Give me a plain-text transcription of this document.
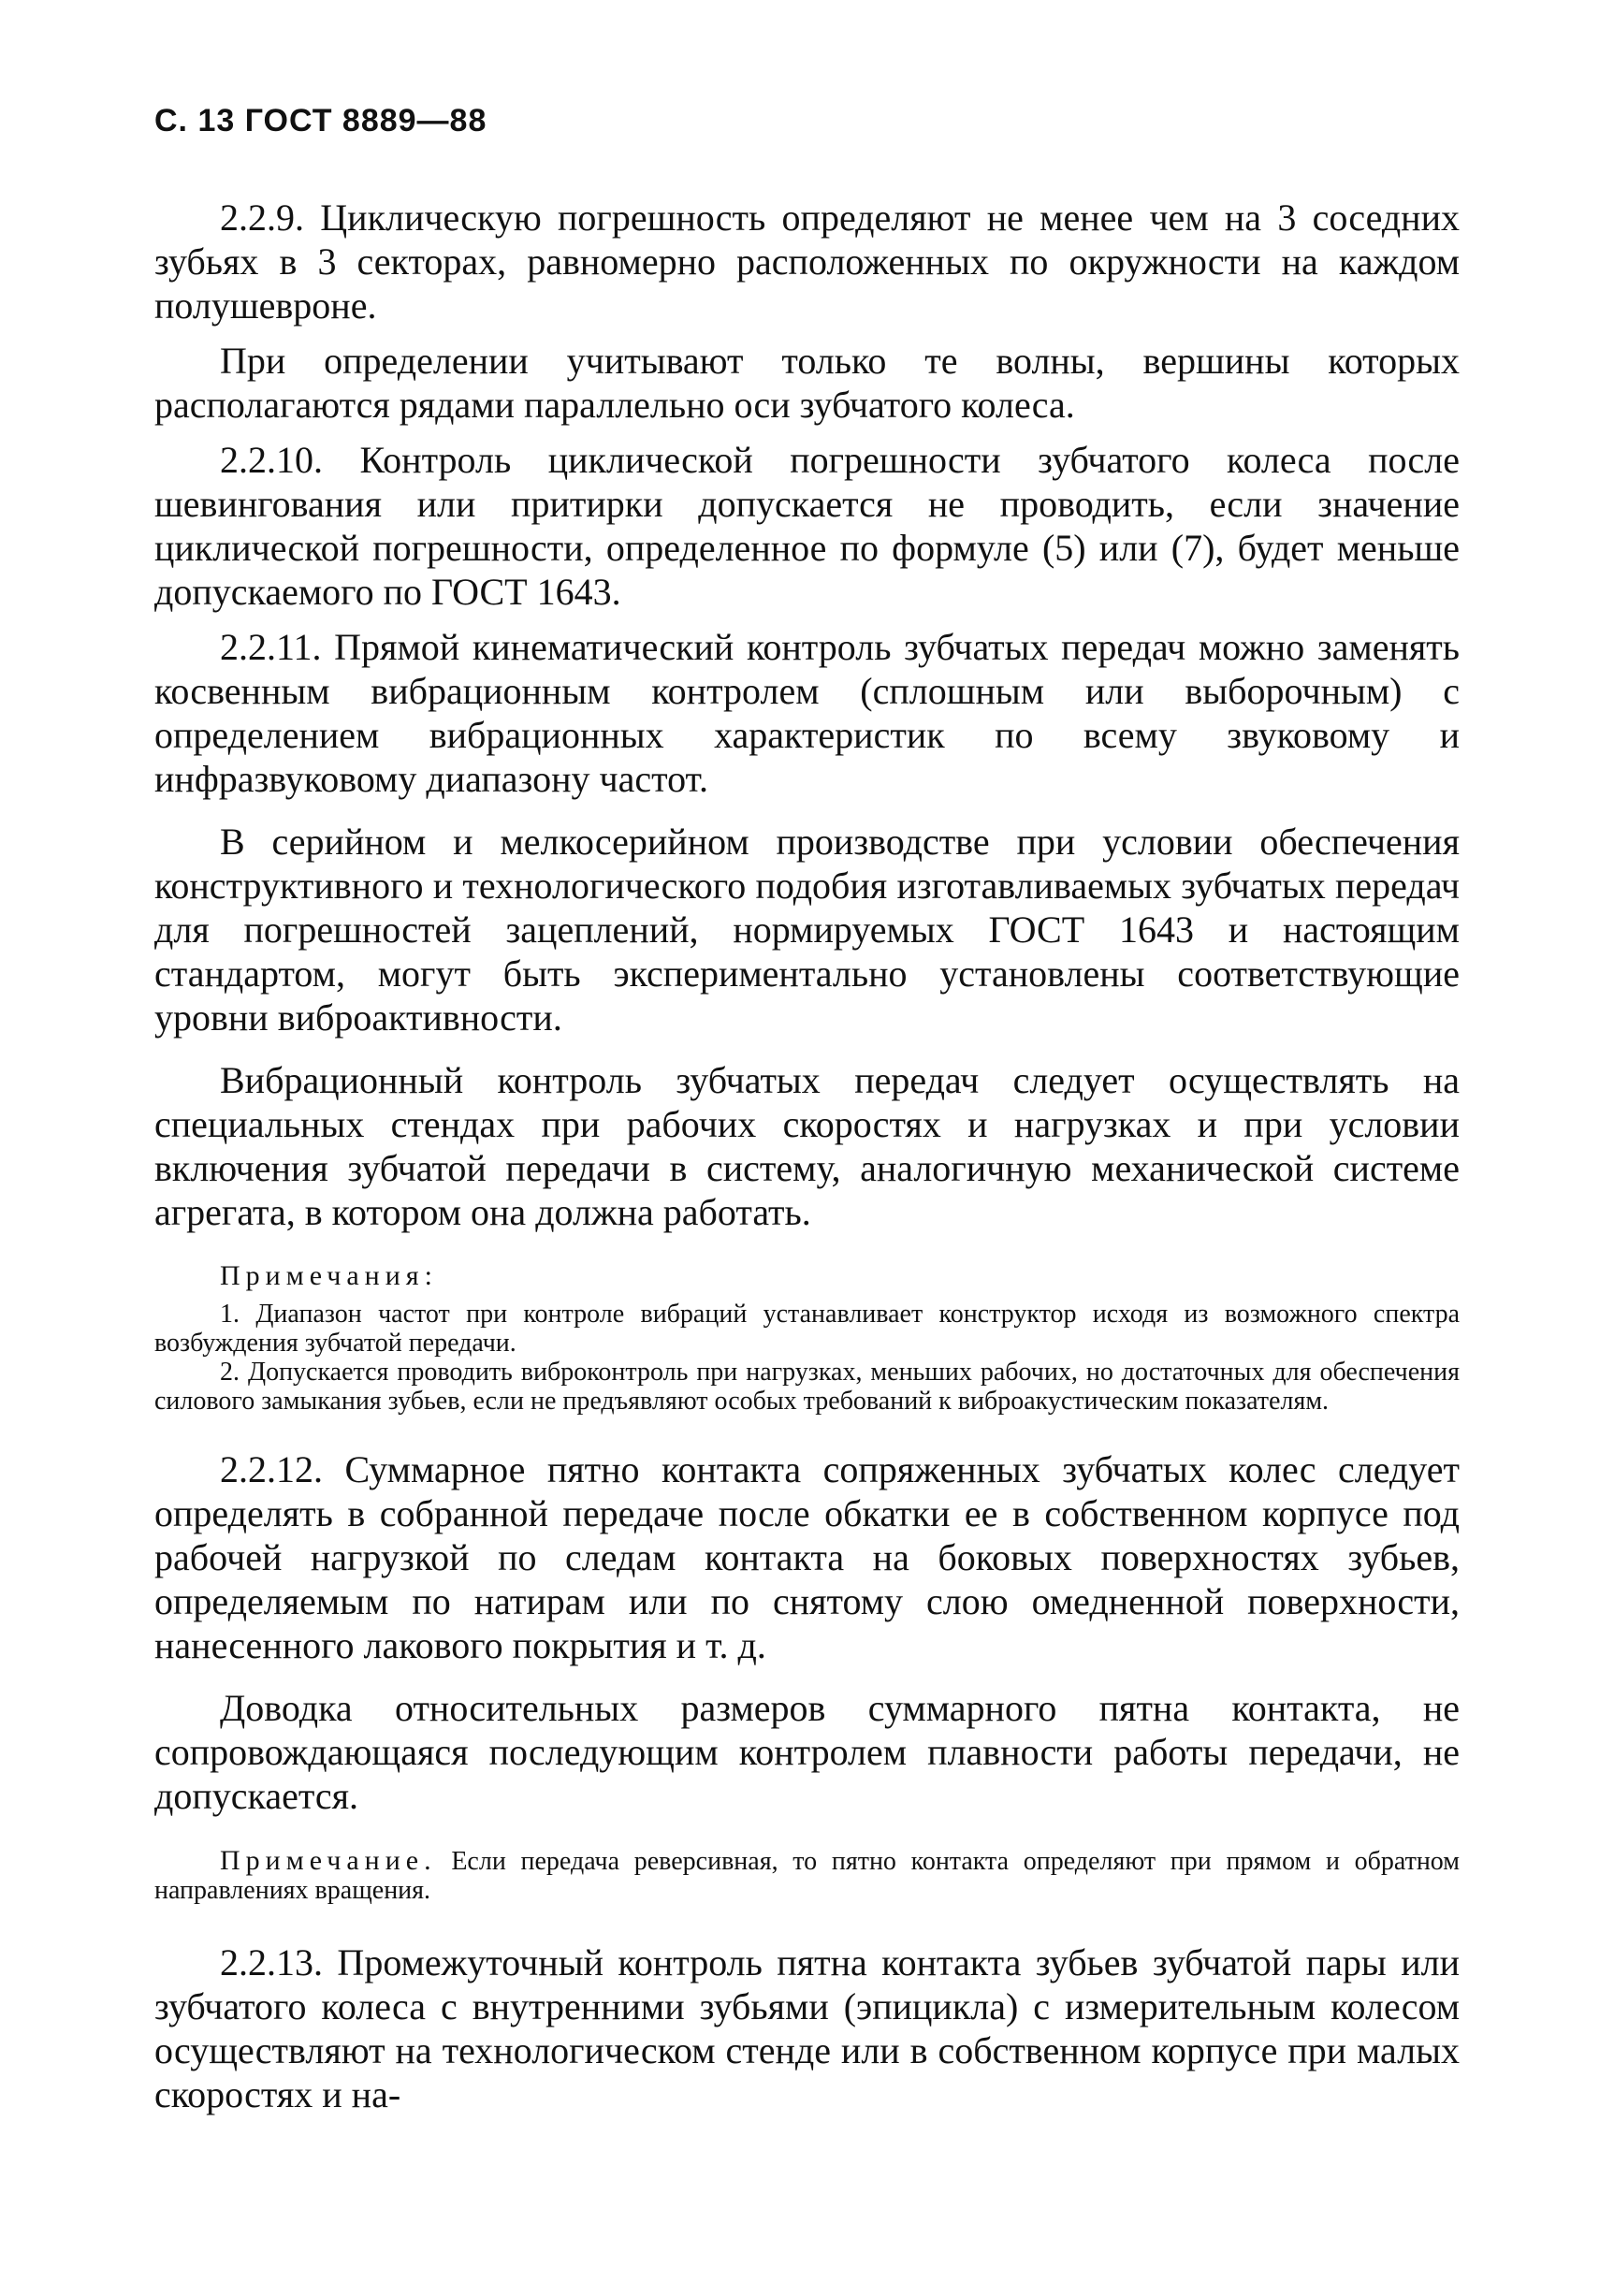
С. 13 ГОСТ 8889—88

2.2.9. Циклическую погрешность определяют не менее чем на 3 соседних зубьях в 3 секторах, равномерно расположенных по окружности на каждом полушевроне.

При определении учитывают только те волны, вершины которых располагаются рядами параллельно оси зубчатого колеса.

2.2.10. Контроль циклической погрешности зубчатого колеса после шевингования или притирки допускается не проводить, если значение циклической погрешности, определенное по формуле (5) или (7), будет меньше допускаемого по ГОСТ 1643.

2.2.11. Прямой кинематический контроль зубчатых передач можно заменять косвенным вибрационным контролем (сплошным или выборочным) с определением вибрационных характеристик по всему звуковому и инфразвуковому диапазону частот.

В серийном и мелкосерийном производстве при условии обеспечения конструктивного и технологического подобия изготавливаемых зубчатых передач для погрешностей зацеплений, нормируемых ГОСТ 1643 и настоящим стандартом, могут быть экспериментально установлены соответствующие уровни виброактивности.

Вибрационный контроль зубчатых передач следует осуществлять на специальных стендах при рабочих скоростях и нагрузках и при условии включения зубчатой передачи в систему, аналогичную механической системе агрегата, в котором она должна работать.

Примечания:

1. Диапазон частот при контроле вибраций устанавливает конструктор исходя из возможного спектра возбуждения зубчатой передачи.

2. Допускается проводить виброконтроль при нагрузках, меньших рабочих, но достаточных для обеспечения силового замыкания зубьев, если не предъявляют особых требований к виброакустическим показателям.

2.2.12. Суммарное пятно контакта сопряженных зубчатых колес следует определять в собранной передаче после обкатки ее в собственном корпусе под рабочей нагрузкой по следам контакта на боковых поверхностях зубьев, определяемым по натирам или по снятому слою омедненной поверхности, нанесенного лакового покрытия и т. д.

Доводка относительных размеров суммарного пятна контакта, не сопровождающаяся последующим контролем плавности работы передачи, не допускается.

Примечание. Если передача реверсивная, то пятно контакта определяют при прямом и обратном направлениях вращения.

2.2.13. Промежуточный контроль пятна контакта зубьев зубчатой пары или зубчатого колеса с внутренними зубьями (эпицикла) с измерительным колесом осуществляют на технологическом стенде или в собственном корпусе при малых скоростях и на-
